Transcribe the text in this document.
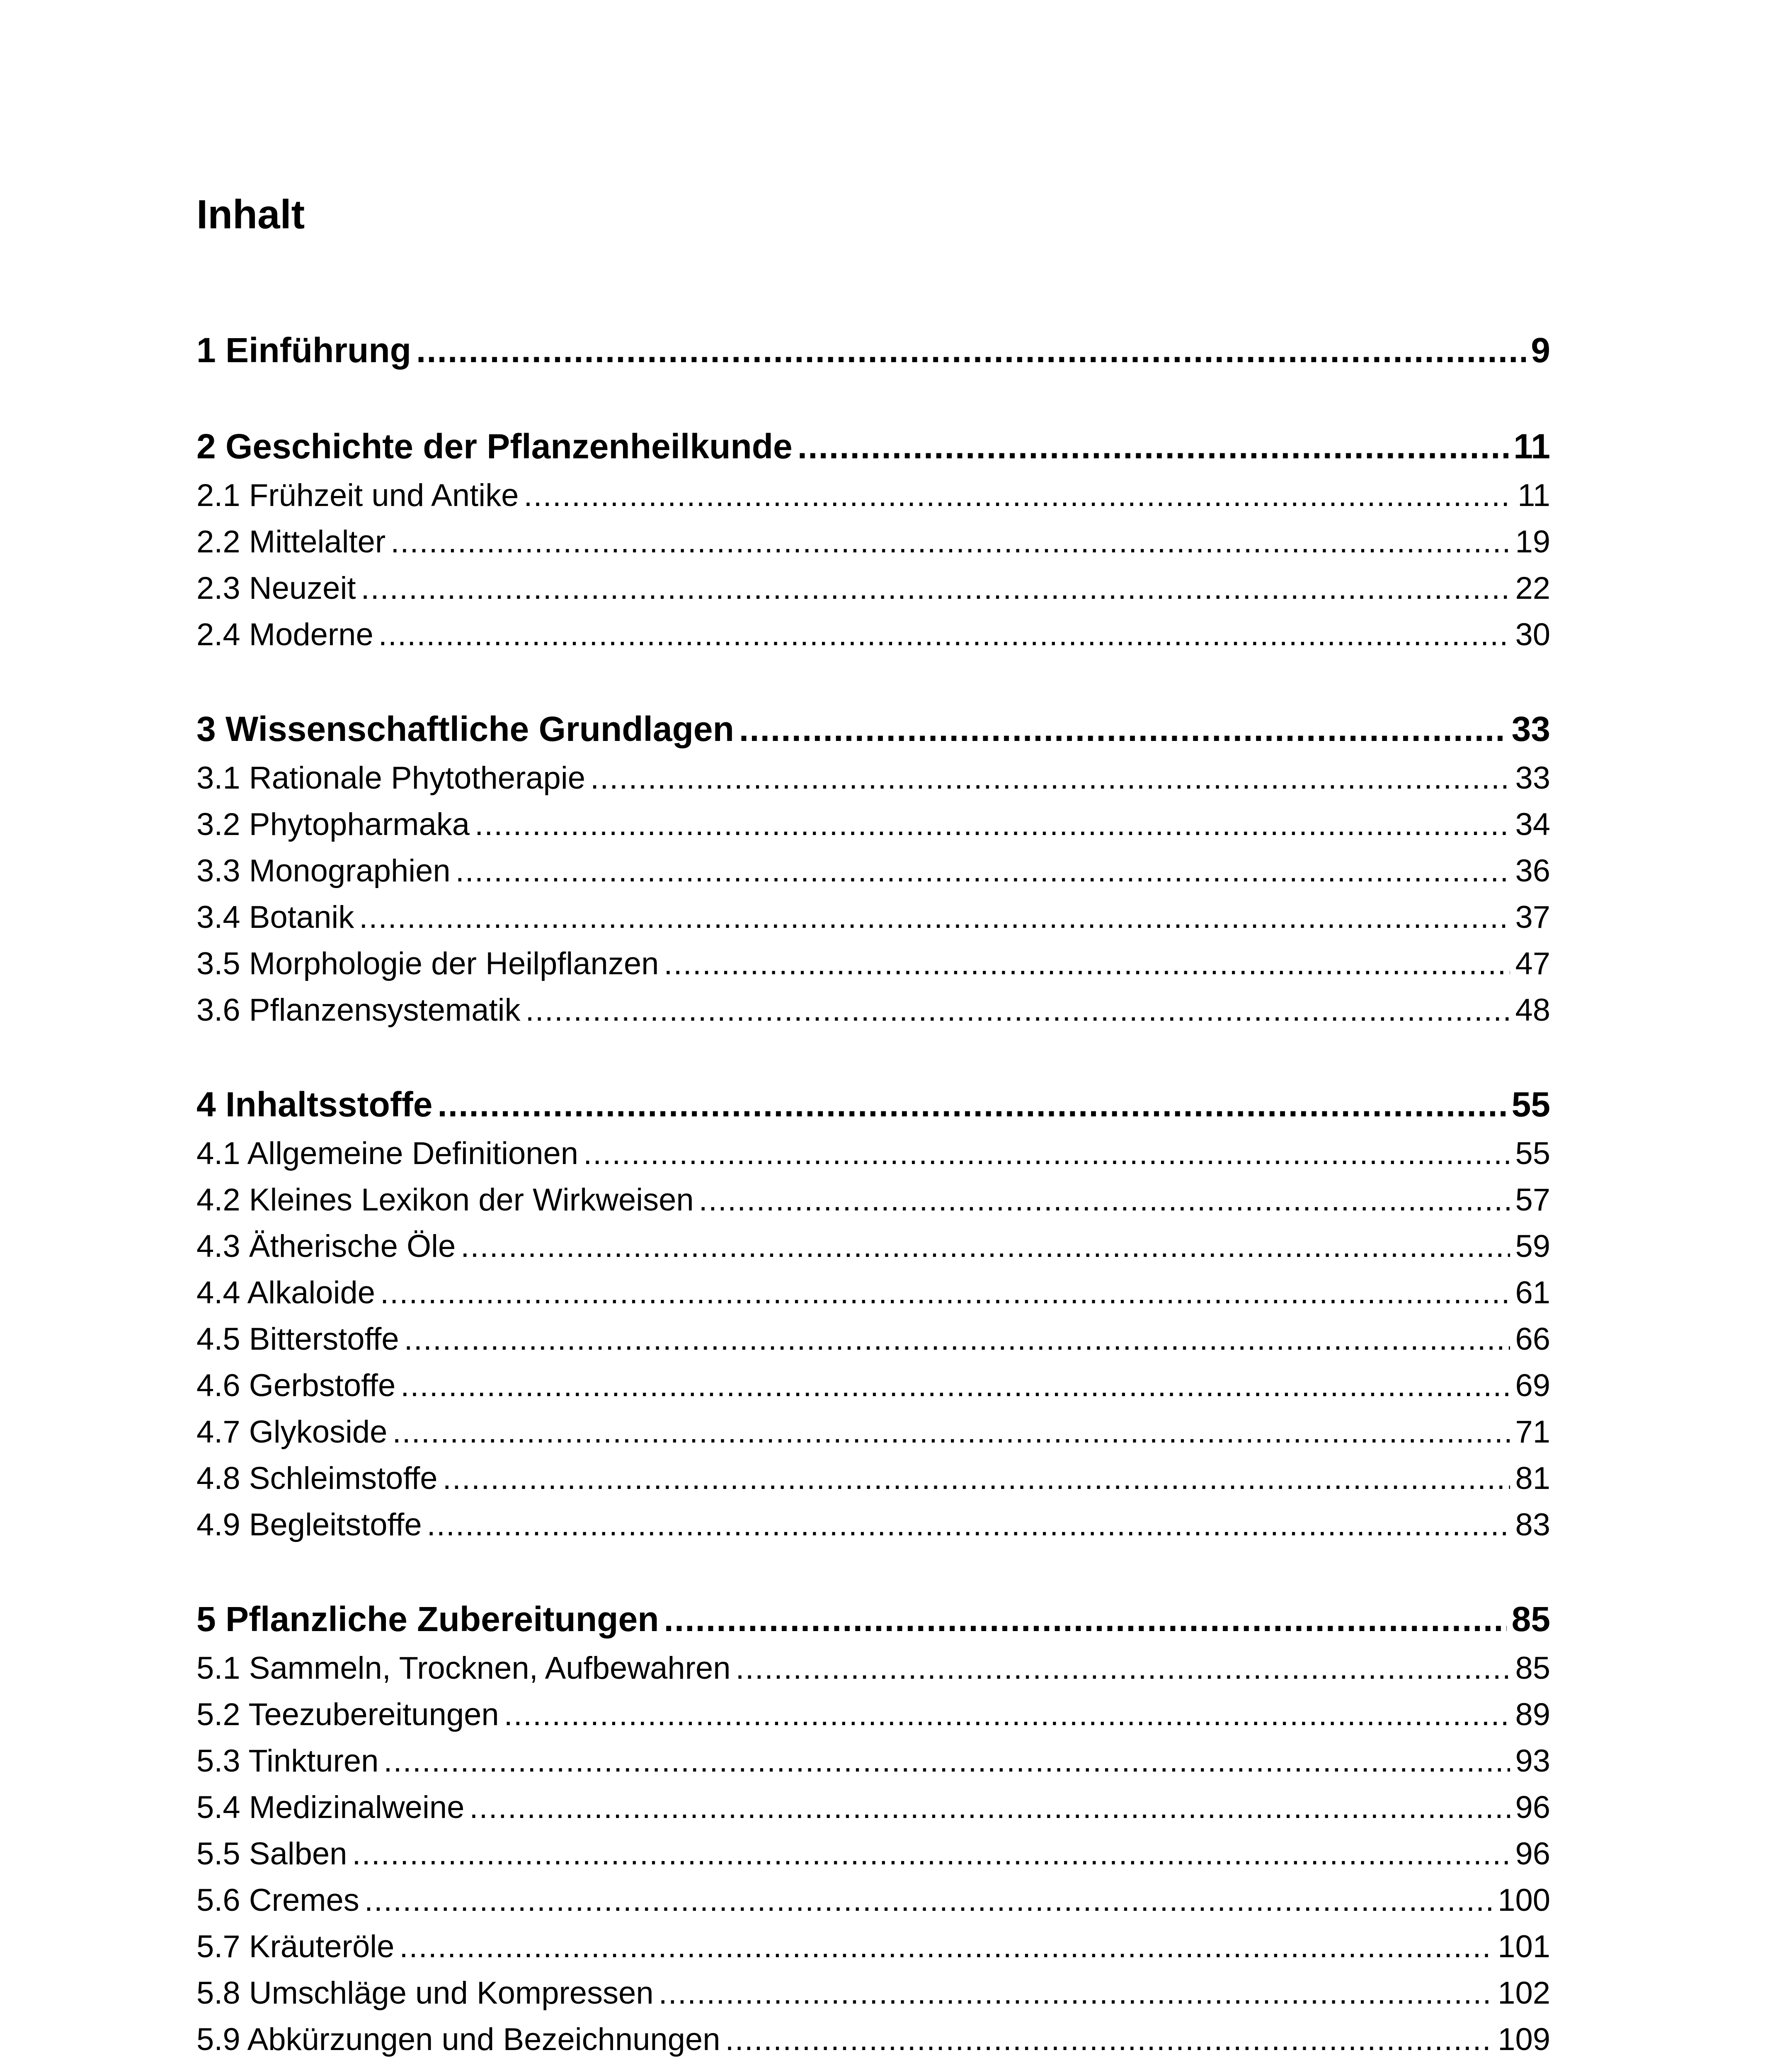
Inhalt
1 Einführung .....	9
2 Geschichte der Pflanzenheilkunde .....	11
2.1 Frühzeit und Antike .....	11
2.2 Mittelalter .....	19
2.3 Neuzeit .....	22
2.4 Moderne .....	30
3 Wissenschaftliche Grundlagen .....	33
3.1 Rationale Phytotherapie .....	33
3.2 Phytopharmaka .....	34
3.3 Monographien .....	36
3.4 Botanik .....	37
3.5 Morphologie der Heilpflanzen .....	47
3.6 Pflanzensystematik .....	48
4 Inhaltsstoffe .....	55
4.1 Allgemeine Definitionen .....	55
4.2 Kleines Lexikon der Wirkweisen .....	57
4.3 Ätherische Öle .....	59
4.4 Alkaloide .....	61
4.5 Bitterstoffe .....	66
4.6 Gerbstoffe .....	69
4.7 Glykoside .....	71
4.8 Schleimstoffe .....	81
4.9 Begleitstoffe .....	83
5 Pflanzliche Zubereitungen .....	85
5.1 Sammeln, Trocknen, Aufbewahren .....	85
5.2 Teezubereitungen .....	89
5.3 Tinkturen .....	93
5.4 Medizinalweine .....	96
5.5 Salben .....	96
5.6 Cremes .....	100
5.7 Kräuteröle .....	101
5.8 Umschläge und Kompressen .....	102
5.9 Abkürzungen und Bezeichnungen .....	109
